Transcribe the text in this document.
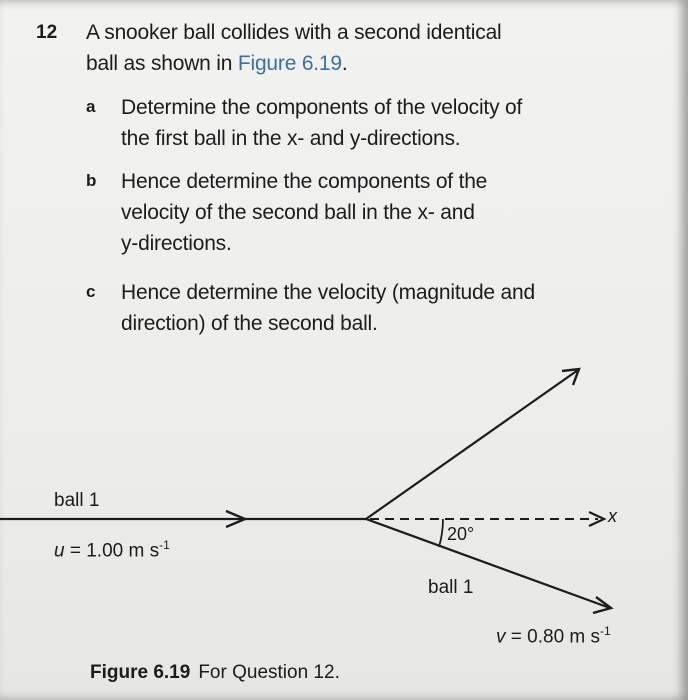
12 A snooker ball collides with a second identical
ball as shown in Figure 6.19.
a Determine the components of the velocity of
the first ball in the x- and y-directions.
b Hence determine the components of the
velocity of the second ball in the x- and
y-directions.
c Hence determine the velocity (magnitude and
direction) of the second ball.
ball 1
u = 1.00 m $s^{-1}$
20°
x
ball 1
v = 0.80 m $s^{-1}$
Figure 6.19 For Question 12.
